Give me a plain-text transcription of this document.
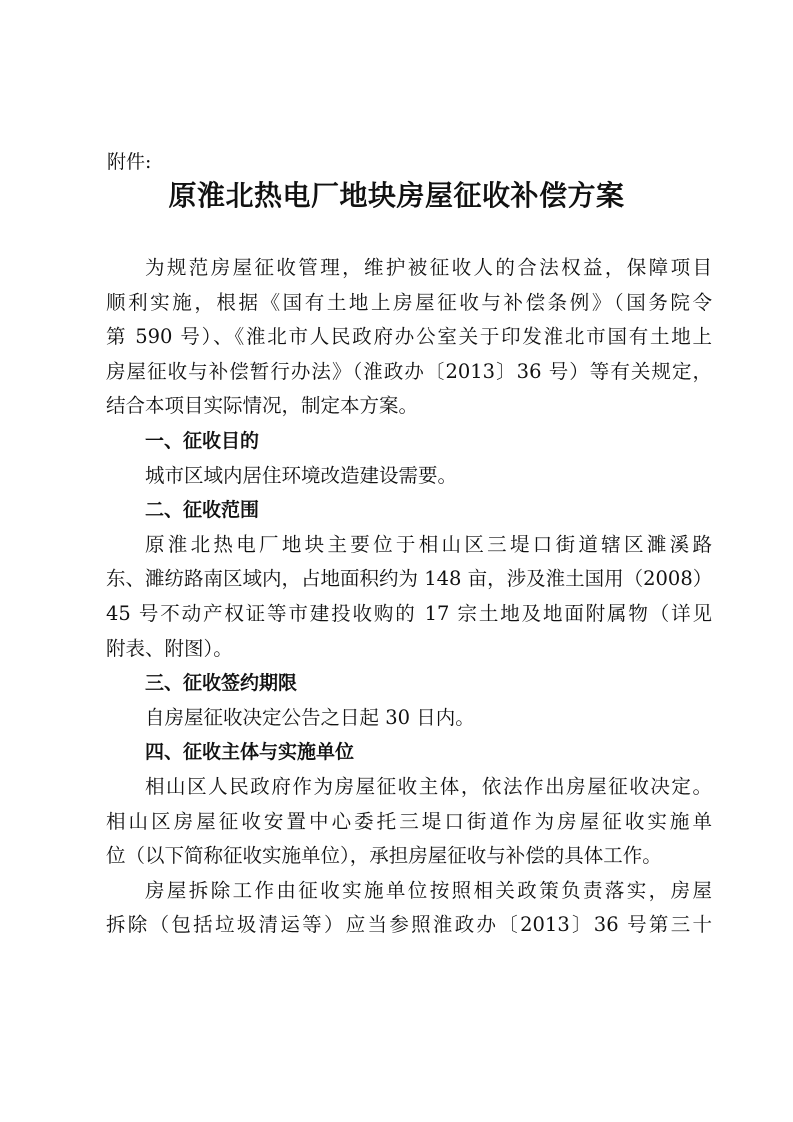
附件:
原淮北热电厂地块房屋征收补偿方案
为规范房屋征收管理，维护被征收人的合法权益，保障项目
顺利实施，根据《国有土地上房屋征收与补偿条例》（国务院令
第 590 号）、《淮北市人民政府办公室关于印发淮北市国有土地上
房屋征收与补偿暂行办法》（淮政办〔2013〕36 号）等有关规定，
结合本项目实际情况，制定本方案。
一、征收目的
城市区域内居住环境改造建设需要。
二、征收范围
原淮北热电厂地块主要位于相山区三堤口街道辖区濉溪路
东、濉纺路南区域内，占地面积约为 148 亩，涉及淮土国用（2008）
45 号不动产权证等市建投收购的 17 宗土地及地面附属物（详见
附表、附图）。
三、征收签约期限
自房屋征收决定公告之日起 30 日内。
四、征收主体与实施单位
相山区人民政府作为房屋征收主体，依法作出房屋征收决定。
相山区房屋征收安置中心委托三堤口街道作为房屋征收实施单
位（以下简称征收实施单位），承担房屋征收与补偿的具体工作。
房屋拆除工作由征收实施单位按照相关政策负责落实，房屋
拆除（包括垃圾清运等）应当参照淮政办〔2013〕36 号第三十
